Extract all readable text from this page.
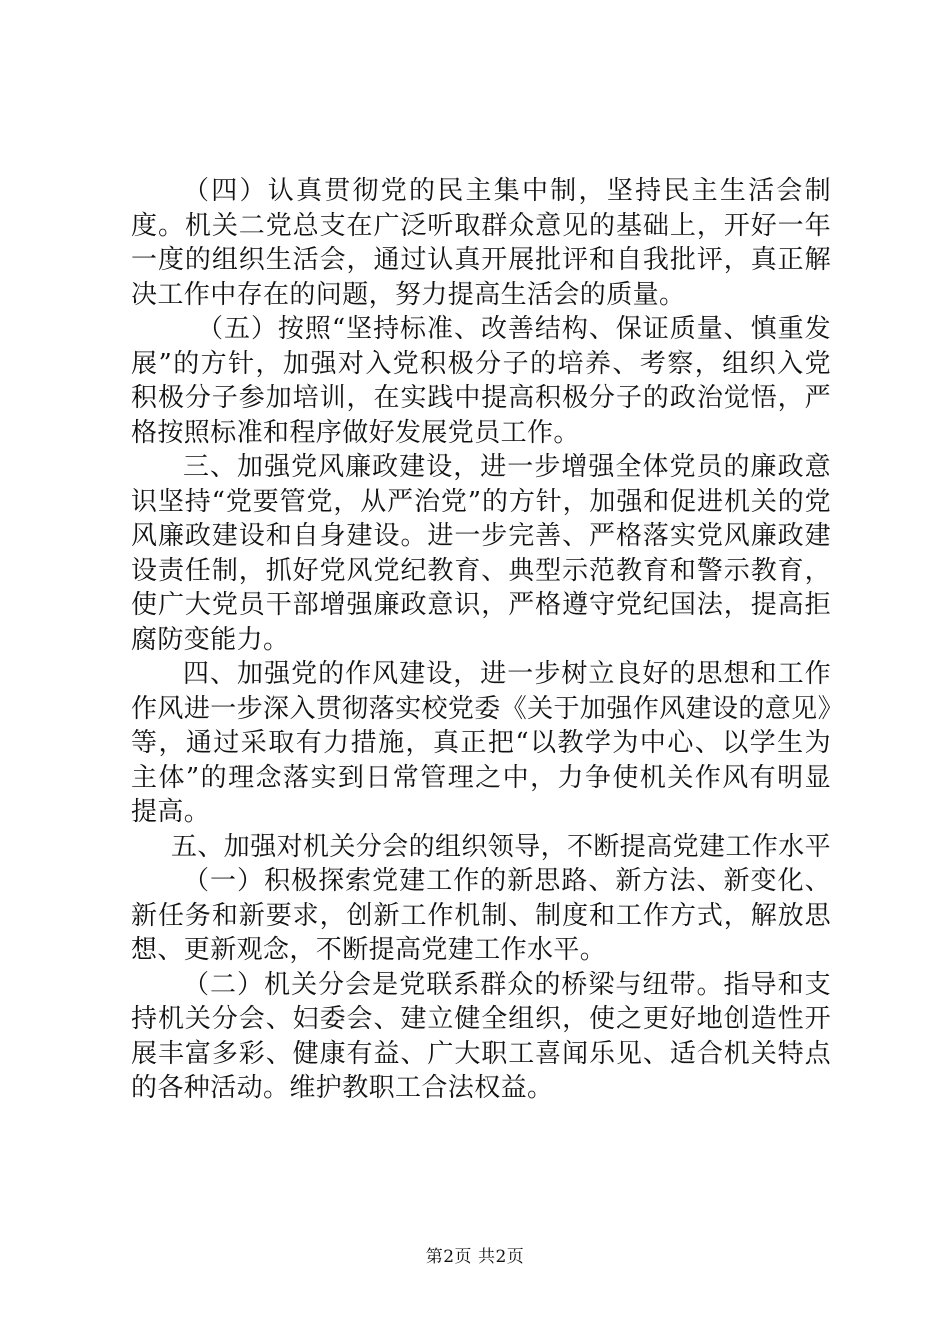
（四）认真贯彻党的民主集中制，坚持民主生活会制度。机关二党总支在广泛听取群众意见的基础上，开好一年一度的组织生活会，通过认真开展批评和自我批评，真正解决工作中存在的问题，努力提高生活会的质量。

（五）按照“坚持标准、改善结构、保证质量、慎重发展”的方针，加强对入党积极分子的培养、考察，组织入党积极分子参加培训，在实践中提高积极分子的政治觉悟，严格按照标准和程序做好发展党员工作。

三、加强党风廉政建设，进一步增强全体党员的廉政意识坚持“党要管党，从严治党”的方针，加强和促进机关的党风廉政建设和自身建设。进一步完善、严格落实党风廉政建设责任制，抓好党风党纪教育、典型示范教育和警示教育，使广大党员干部增强廉政意识，严格遵守党纪国法，提高拒腐防变能力。

四、加强党的作风建设，进一步树立良好的思想和工作作风进一步深入贯彻落实校党委《关于加强作风建设的意见》等，通过采取有力措施，真正把“以教学为中心、以学生为主体”的理念落实到日常管理之中，力争使机关作风有明显提高。

五、加强对机关分会的组织领导，不断提高党建工作水平

（一）积极探索党建工作的新思路、新方法、新变化、新任务和新要求，创新工作机制、制度和工作方式，解放思想、更新观念，不断提高党建工作水平。

（二）机关分会是党联系群众的桥梁与纽带。指导和支持机关分会、妇委会、建立健全组织，使之更好地创造性开展丰富多彩、健康有益、广大职工喜闻乐见、适合机关特点的各种活动。维护教职工合法权益。

第2页 共2页
